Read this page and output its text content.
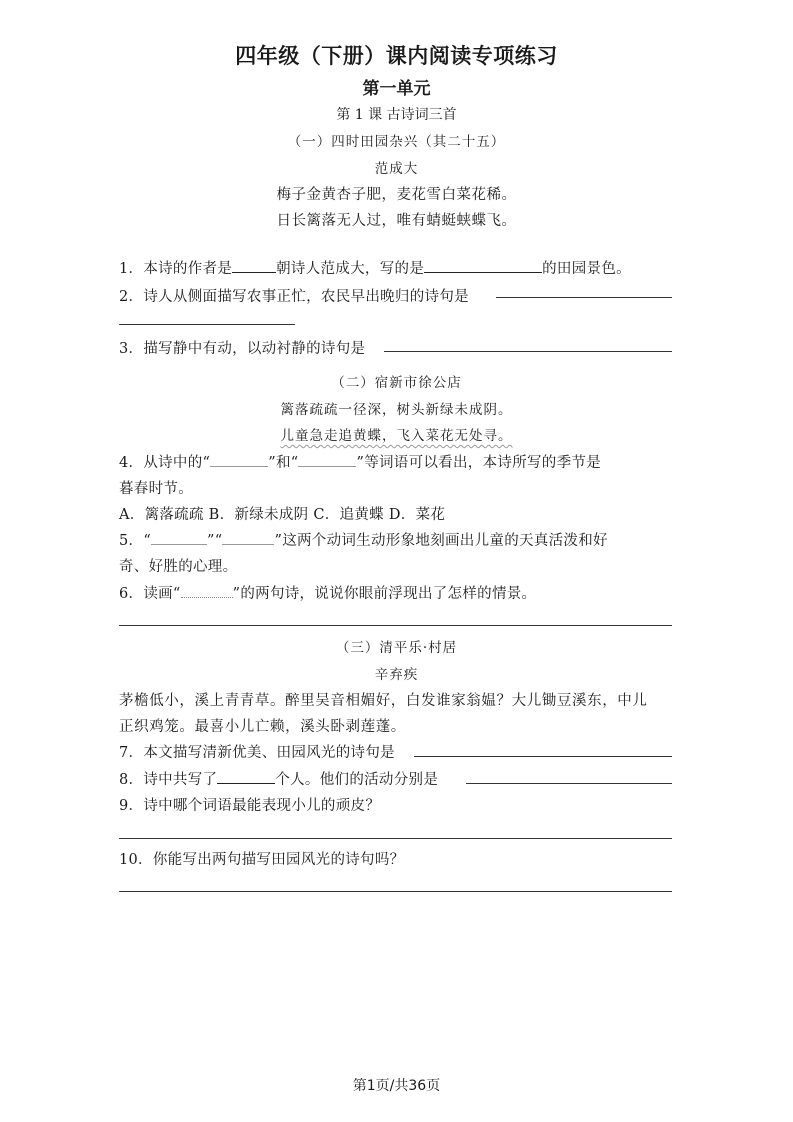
四年级（下册）课内阅读专项练习
第一单元
第 1 课 古诗词三首
（一）四时田园杂兴（其二十五）
范成大
梅子金黄杏子肥，麦花雪白菜花稀。
日长篱落无人过，唯有蜻蜓蛱蝶飞。
1．本诗的作者是	朝诗人范成大，写的是	的田园景色。
2．诗人从侧面描写农事正忙，农民早出晚归的诗句是
3．描写静中有动，以动衬静的诗句是
（二）宿新市徐公店
篱落疏疏一径深，树头新绿未成阴。
儿童急走追黄蝶，飞入菜花无处寻。
4．从诗中的“	”和“	”等词语可以看出，本诗所写的季节是
暮春时节。
A．篱落疏疏 B．新绿未成阴 C．追黄蝶 D．菜花
5．“	”“	”这两个动词生动形象地刻画出儿童的天真活泼和好
奇、好胜的心理。
6．读画“	”的两句诗，说说你眼前浮现出了怎样的情景。
（三）清平乐·村居
辛弃疾
茅檐低小，溪上青青草。醉里吴音相媚好，白发谁家翁媪？大儿锄豆溪东，中儿
正织鸡笼。最喜小儿亡赖，溪头卧剥莲蓬。
7．本文描写清新优美、田园风光的诗句是
8．诗中共写了	个人。他们的活动分别是
9．诗中哪个词语最能表现小儿的顽皮？
10．你能写出两句描写田园风光的诗句吗？
第1页/共36页
